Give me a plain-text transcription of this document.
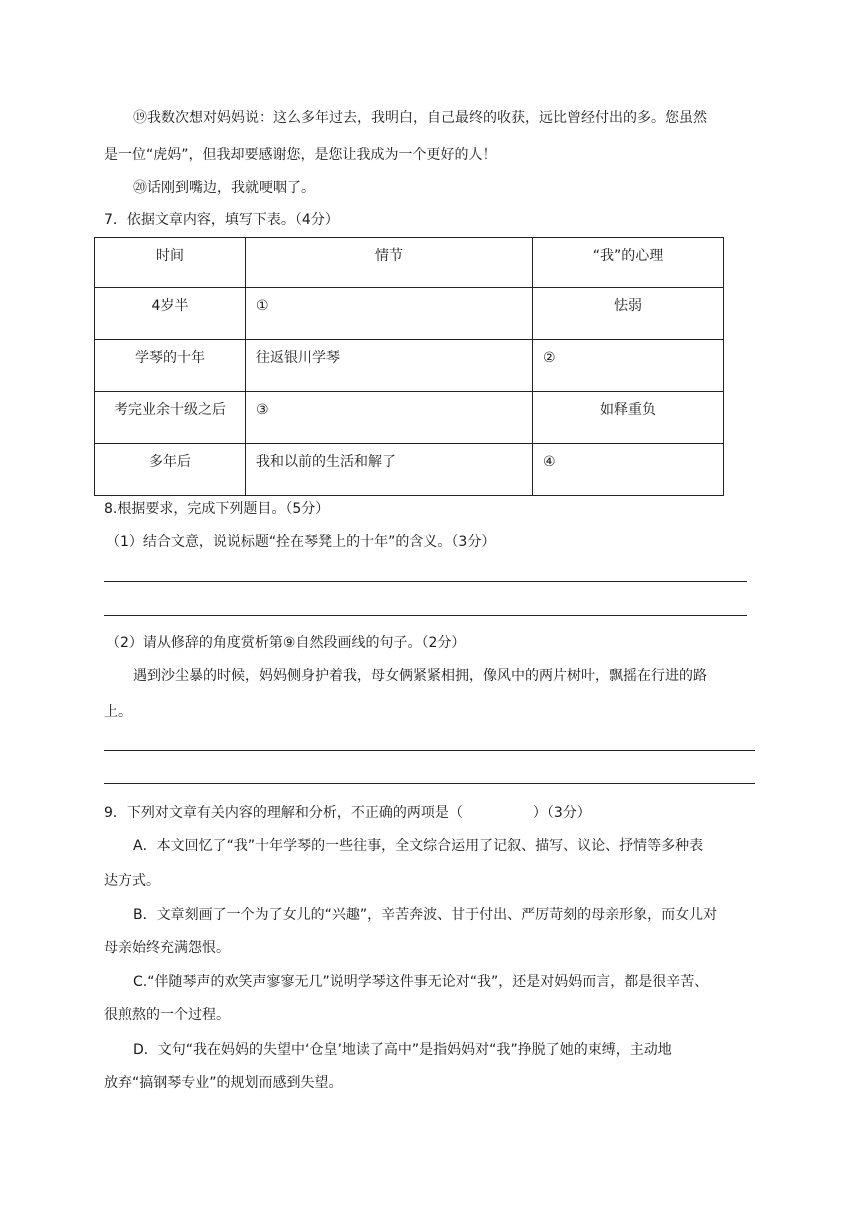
⑲我数次想对妈妈说：这么多年过去，我明白，自己最终的收获，远比曾经付出的多。您虽然
是一位“虎妈”，但我却要感谢您，是您让我成为一个更好的人！
⑳话刚到嘴边，我就哽咽了。
7．依据文章内容，填写下表。（4分）
时间	情节	“我”的心理
4岁半	①	怯弱
学琴的十年	往返银川学琴	②
考完业余十级之后	③	如释重负
多年后	我和以前的生活和解了	④
8.根据要求，完成下列题目。（5分）
（1）结合文意，说说标题“拴在琴凳上的十年”的含义。（3分）
（2）请从修辞的角度赏析第⑨自然段画线的句子。（2分）
遇到沙尘暴的时候，妈妈侧身护着我，母女俩紧紧相拥，像风中的两片树叶，飘摇在行进的路
上。
9．下列对文章有关内容的理解和分析，不正确的两项是（　　　　　）（3分）
A．本文回忆了“我”十年学琴的一些往事，全文综合运用了记叙、描写、议论、抒情等多种表
达方式。
B．文章刻画了一个为了女儿的“兴趣”，辛苦奔波、甘于付出、严厉苛刻的母亲形象，而女儿对
母亲始终充满怨恨。
C.“伴随琴声的欢笑声寥寥无几”说明学琴这件事无论对“我”，还是对妈妈而言，都是很辛苦、
很煎熬的一个过程。
D．文句“我在妈妈的失望中‘仓皇’地读了高中”是指妈妈对“我”挣脱了她的束缚，主动地
放弃“搞钢琴专业”的规划而感到失望。
